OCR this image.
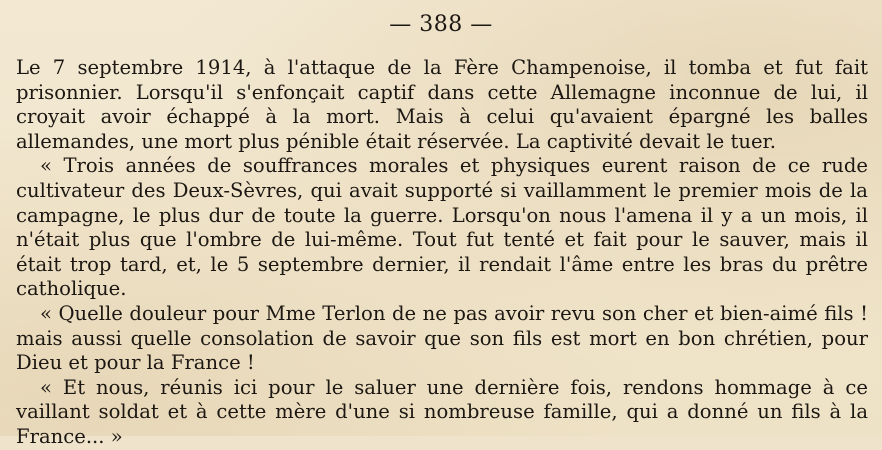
— 388 —

Le 7 septembre 1914, à l'attaque de la Fère Champenoise, il tomba et fut fait prisonnier. Lorsqu'il s'enfonçait captif dans cette Allemagne inconnue de lui, il croyait avoir échappé à la mort. Mais à celui qu'avaient épargné les balles allemandes, une mort plus pénible était réservée. La captivité devait le tuer.

« Trois années de souffrances morales et physiques eurent raison de ce rude cultivateur des Deux-Sèvres, qui avait supporté si vaillamment le premier mois de la campagne, le plus dur de toute la guerre. Lorsqu'on nous l'amena il y a un mois, il n'était plus que l'ombre de lui-même. Tout fut tenté et fait pour le sauver, mais il était trop tard, et, le 5 septembre dernier, il rendait l'âme entre les bras du prêtre catholique.

« Quelle douleur pour Mme Terlon de ne pas avoir revu son cher et bien-aimé fils ! mais aussi quelle consolation de savoir que son fils est mort en bon chrétien, pour Dieu et pour la France !

« Et nous, réunis ici pour le saluer une dernière fois, rendons hommage à ce vaillant soldat et à cette mère d'une si nombreuse famille, qui a donné un fils à la France... »
